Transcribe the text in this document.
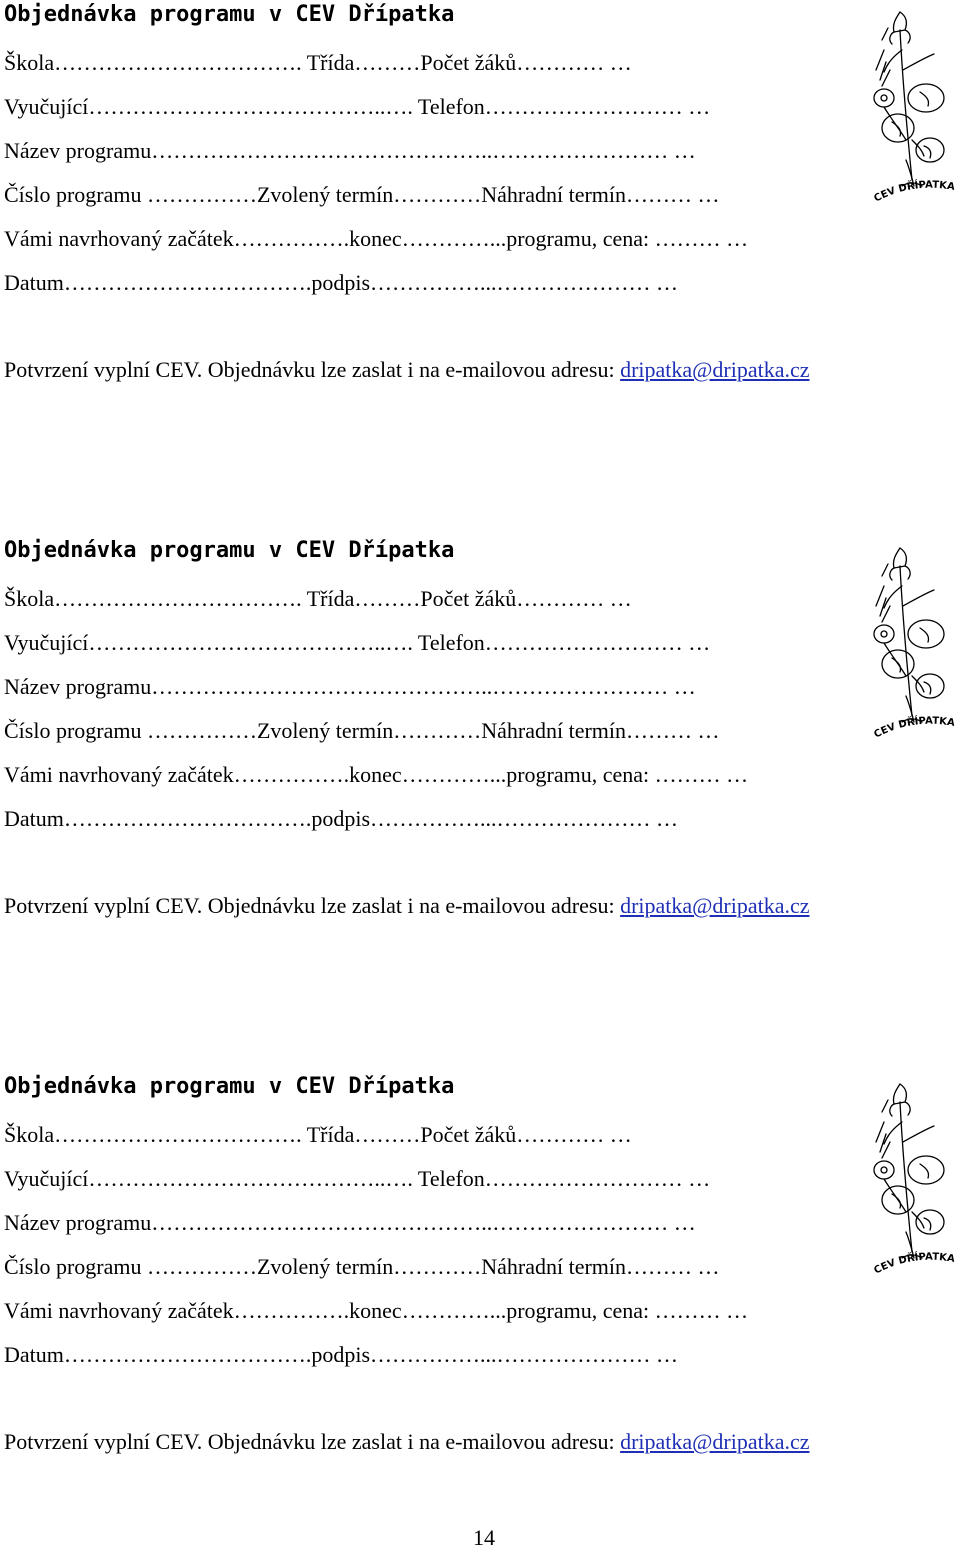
Objednávka programu v CEV Dřípatka
Škola……………………………. Třída………Počet žáků………… …
Vyučující…………………………………..…. Telefon……………………… …
Název programu………………………………………..…………………… …
Číslo programu ……………Zvolený termín…………Náhradní termín……… …
Vámi navrhovaný začátek…………….konec…………...programu, cena: ……… …
Datum…………………………….podpis……………...………………… …
Potvrzení vyplní CEV. Objednávku lze zaslat i na e-mailovou adresu: dripatka@dripatka.cz
CEV DŘÍPATKA
Objednávka programu v CEV Dřípatka
Škola……………………………. Třída………Počet žáků………… …
Vyučující…………………………………..…. Telefon……………………… …
Název programu………………………………………..…………………… …
Číslo programu ……………Zvolený termín…………Náhradní termín……… …
Vámi navrhovaný začátek…………….konec…………...programu, cena: ……… …
Datum…………………………….podpis……………...………………… …
Potvrzení vyplní CEV. Objednávku lze zaslat i na e-mailovou adresu: dripatka@dripatka.cz
CEV DŘÍPATKA
Objednávka programu v CEV Dřípatka
Škola……………………………. Třída………Počet žáků………… …
Vyučující…………………………………..…. Telefon……………………… …
Název programu………………………………………..…………………… …
Číslo programu ……………Zvolený termín…………Náhradní termín……… …
Vámi navrhovaný začátek…………….konec…………...programu, cena: ……… …
Datum…………………………….podpis……………...………………… …
Potvrzení vyplní CEV. Objednávku lze zaslat i na e-mailovou adresu: dripatka@dripatka.cz
CEV DŘÍPATKA
14
